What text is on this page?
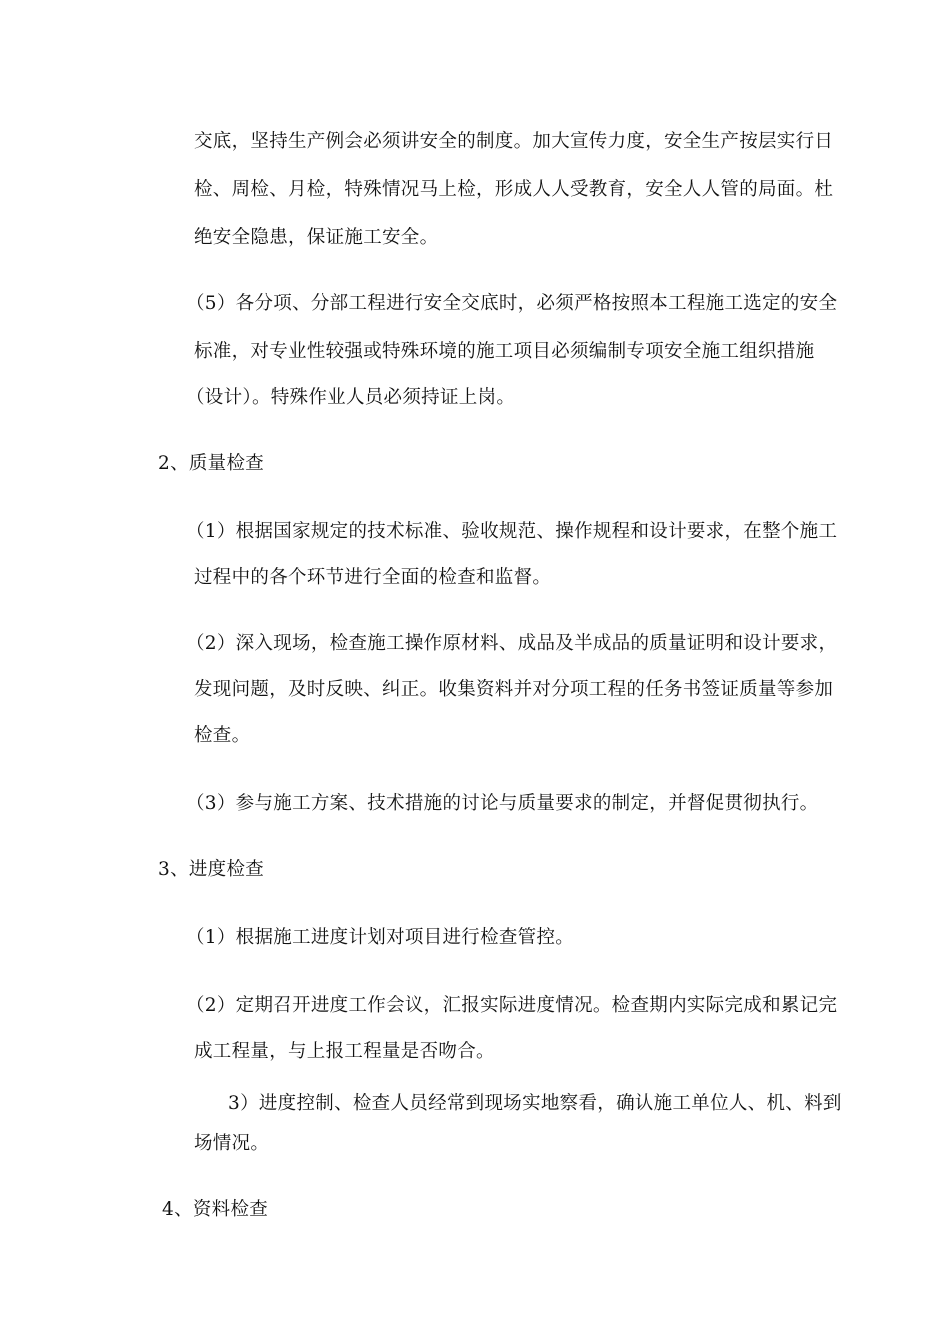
交底，坚持生产例会必须讲安全的制度。加大宣传力度，安全生产按层实行日
检、周检、月检，特殊情况马上检，形成人人受教育，安全人人管的局面。杜
绝安全隐患，保证施工安全。
（5）各分项、分部工程进行安全交底时，必须严格按照本工程施工选定的安全
标准，对专业性较强或特殊环境的施工项目必须编制专项安全施工组织措施
（设计）。特殊作业人员必须持证上岗。
2、质量检查
（1）根据国家规定的技术标准、验收规范、操作规程和设计要求，在整个施工
过程中的各个环节进行全面的检查和监督。
（2）深入现场，检查施工操作原材料、成品及半成品的质量证明和设计要求，
发现问题，及时反映、纠正。收集资料并对分项工程的任务书签证质量等参加
检查。
（3）参与施工方案、技术措施的讨论与质量要求的制定，并督促贯彻执行。
3、进度检查
（1）根据施工进度计划对项目进行检查管控。
（2）定期召开进度工作会议，汇报实际进度情况。检查期内实际完成和累记完
成工程量，与上报工程量是否吻合。
3）进度控制、检查人员经常到现场实地察看，确认施工单位人、机、料到
场情况。
4、资料检查
